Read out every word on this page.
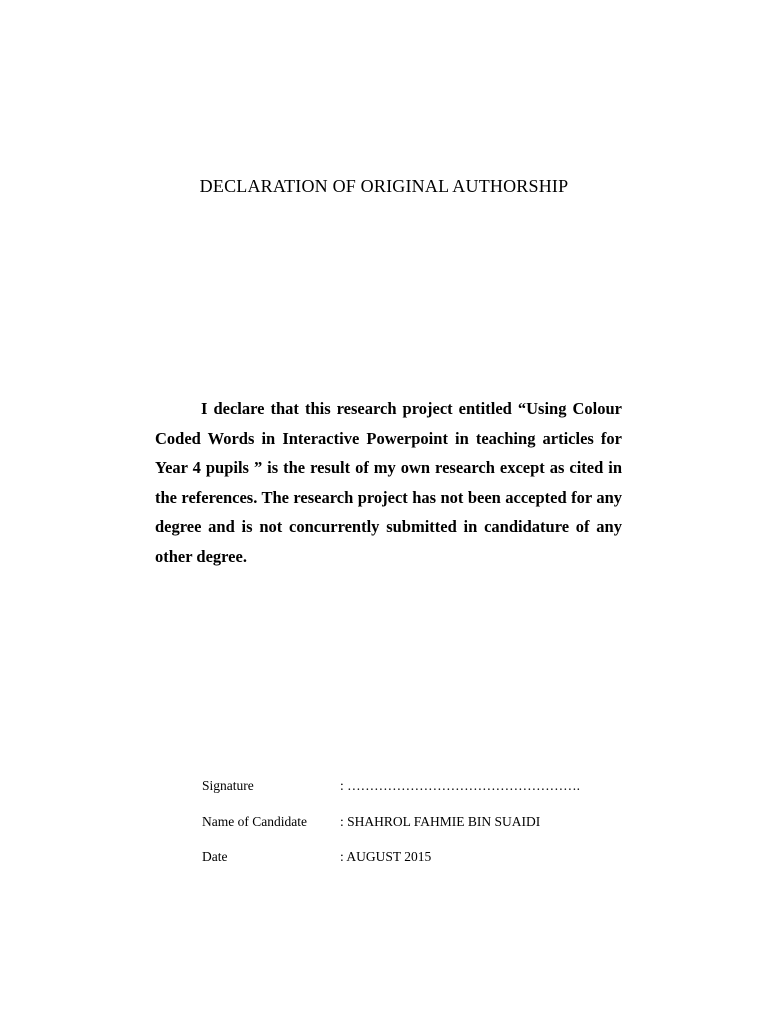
DECLARATION OF ORIGINAL AUTHORSHIP

I declare that this research project entitled “Using Colour Coded Words in Interactive Powerpoint in teaching articles for Year 4 pupils ” is the result of my own research except as cited in the references. The research project has not been accepted for any degree and is not concurrently submitted in candidature of any other degree.

Signature	: …………………………………………….
Name of Candidate : SHAHROL FAHMIE BIN SUAIDI
Date	: AUGUST 2015
